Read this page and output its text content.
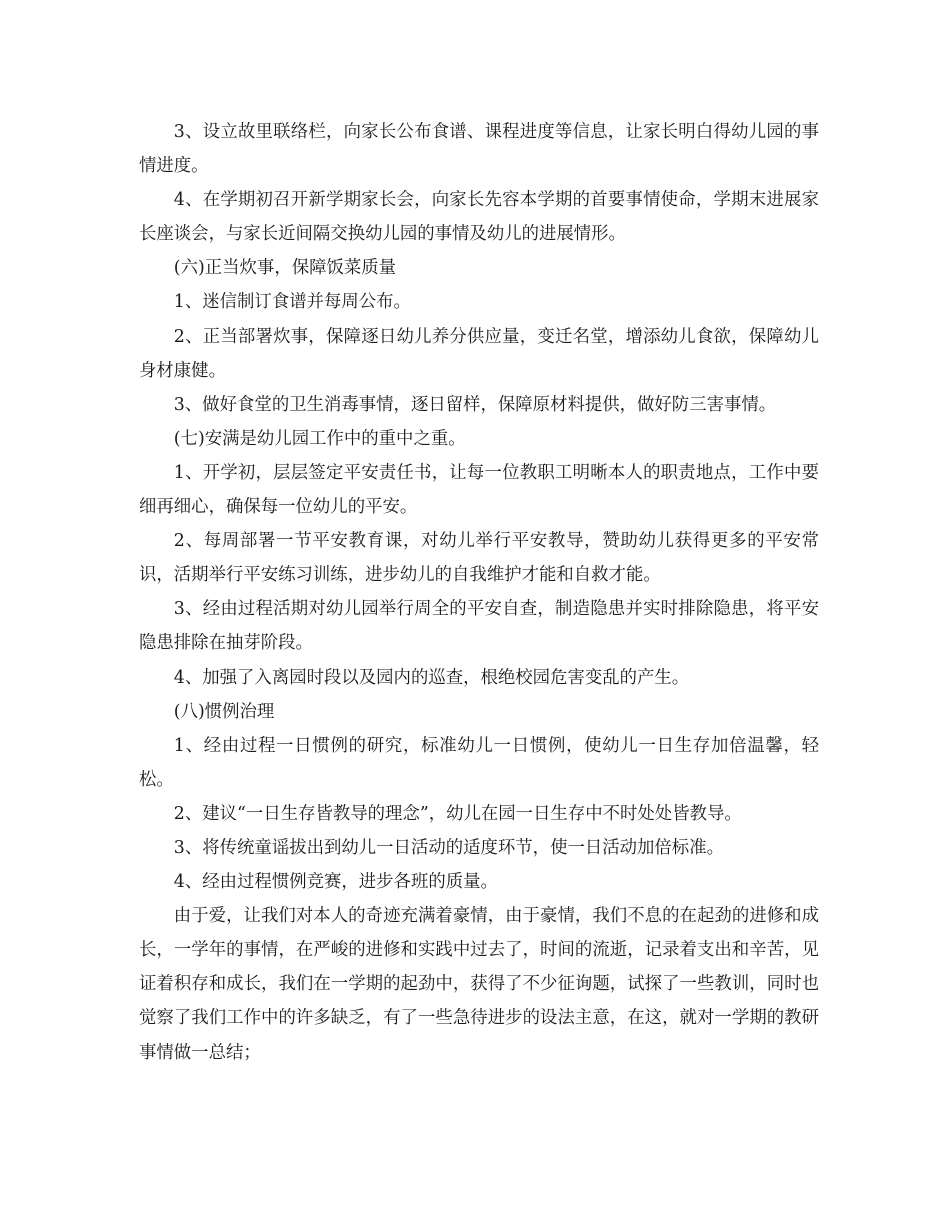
3、设立故里联络栏，向家长公布食谱、课程进度等信息，让家长明白得幼儿园的事情进度。

4、在学期初召开新学期家长会，向家长先容本学期的首要事情使命，学期末进展家长座谈会，与家长近间隔交换幼儿园的事情及幼儿的进展情形。

(六)正当炊事，保障饭菜质量

1、迷信制订食谱并每周公布。

2、正当部署炊事，保障逐日幼儿养分供应量，变迁名堂，增添幼儿食欲，保障幼儿身材康健。

3、做好食堂的卫生消毒事情，逐日留样，保障原材料提供，做好防三害事情。

(七)安满是幼儿园工作中的重中之重。

1、开学初，层层签定平安责任书，让每一位教职工明晰本人的职责地点，工作中要细再细心，确保每一位幼儿的平安。

2、每周部署一节平安教育课，对幼儿举行平安教导，赞助幼儿获得更多的平安常识，活期举行平安练习训练，进步幼儿的自我维护才能和自救才能。

3、经由过程活期对幼儿园举行周全的平安自查，制造隐患并实时排除隐患，将平安隐患排除在抽芽阶段。

4、加强了入离园时段以及园内的巡查，根绝校园危害变乱的产生。

(八)惯例治理

1、经由过程一日惯例的研究，标准幼儿一日惯例，使幼儿一日生存加倍温馨，轻松。

2、建议“一日生存皆教导的理念”，幼儿在园一日生存中不时处处皆教导。

3、将传统童谣拔出到幼儿一日活动的适度环节，使一日活动加倍标准。

4、经由过程惯例竞赛，进步各班的质量。

由于爱，让我们对本人的奇迹充满着豪情，由于豪情，我们不息的在起劲的进修和成长，一学年的事情，在严峻的进修和实践中过去了，时间的流逝，记录着支出和辛苦，见证着积存和成长，我们在一学期的起劲中，获得了不少征询题，试探了一些教训，同时也觉察了我们工作中的许多缺乏，有了一些急待进步的设法主意，在这，就对一学期的教研事情做一总结；
